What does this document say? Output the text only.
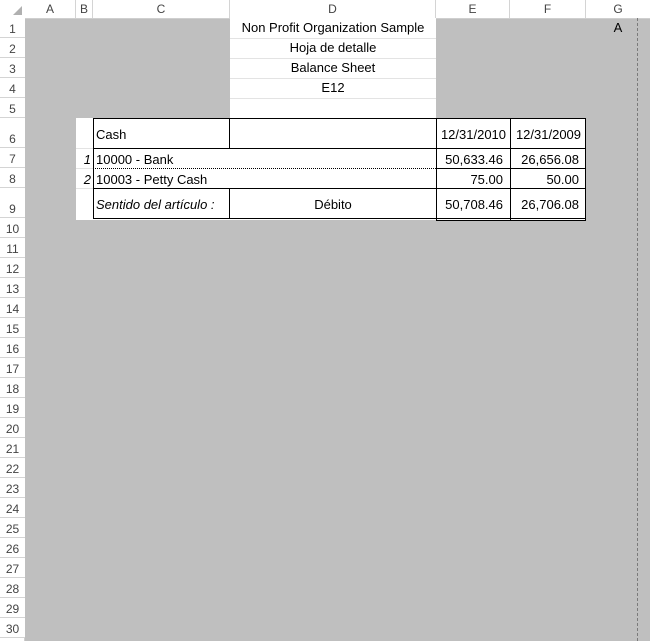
A	B	C	D	E	F	G
1
2
3
4
5
6
7
8
9
10
11
12
13
14
15
16
17
18
19
20
21
22
23
24
25
26
27
28
29
30
Non Profit Organization Sample
Hoja de detalle
Balance Sheet
E12
A
Cash	12/31/2010 12/31/2009
1 10000 - Bank	50,633.46	26,656.08
2 10003 - Petty Cash	75.00	50.00
Sentido del artículo :	Débito	50,708.46	26,706.08
